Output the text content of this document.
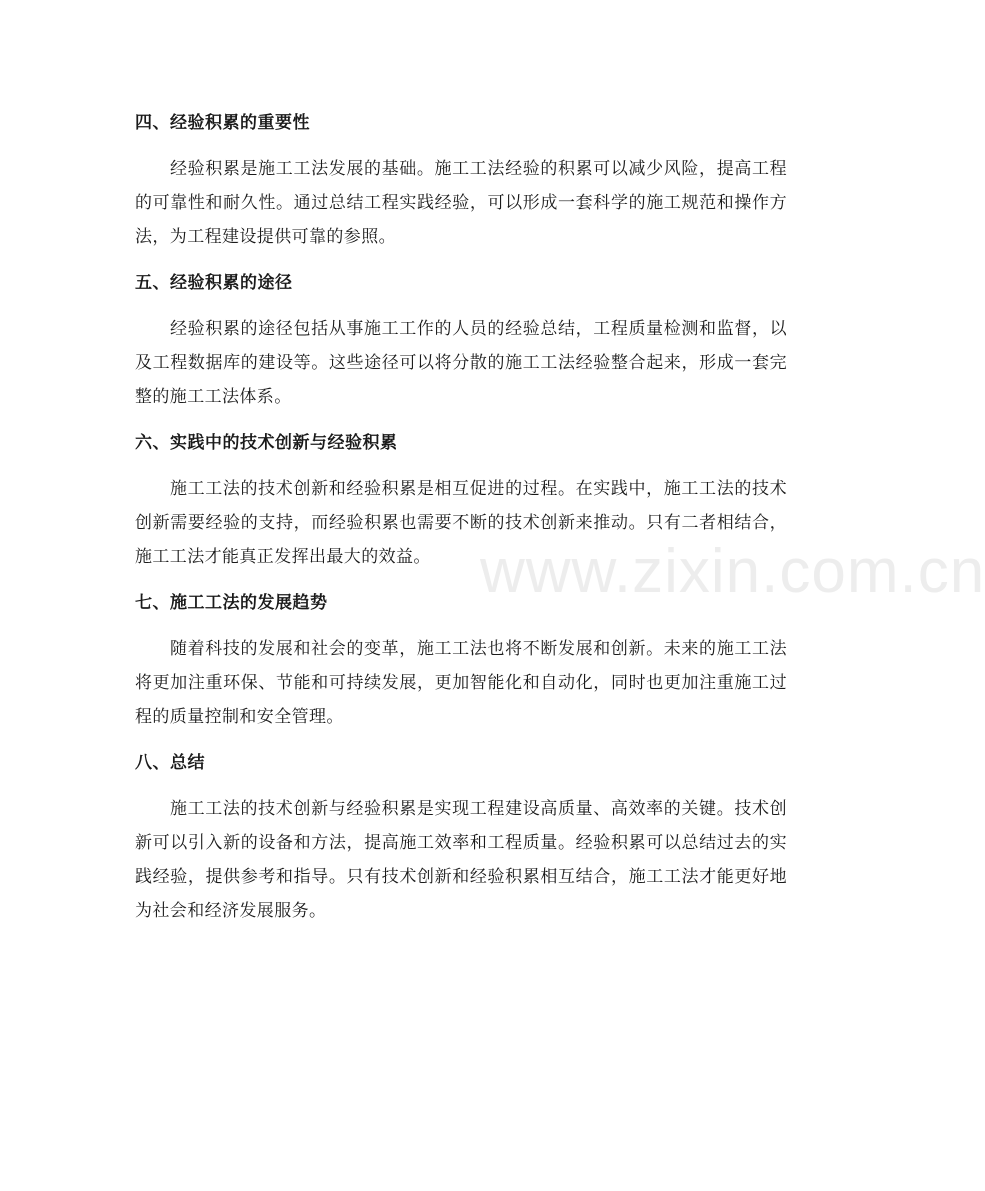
www.zixin.com.cn
四、经验积累的重要性

经验积累是施工工法发展的基础。施工工法经验的积累可以减少风险，提高工程的可靠性和耐久性。通过总结工程实践经验，可以形成一套科学的施工规范和操作方法，为工程建设提供可靠的参照。

五、经验积累的途径

经验积累的途径包括从事施工工作的人员的经验总结，工程质量检测和监督，以及工程数据库的建设等。这些途径可以将分散的施工工法经验整合起来，形成一套完整的施工工法体系。

六、实践中的技术创新与经验积累

施工工法的技术创新和经验积累是相互促进的过程。在实践中，施工工法的技术创新需要经验的支持，而经验积累也需要不断的技术创新来推动。只有二者相结合，施工工法才能真正发挥出最大的效益。

七、施工工法的发展趋势

随着科技的发展和社会的变革，施工工法也将不断发展和创新。未来的施工工法将更加注重环保、节能和可持续发展，更加智能化和自动化，同时也更加注重施工过程的质量控制和安全管理。

八、总结

施工工法的技术创新与经验积累是实现工程建设高质量、高效率的关键。技术创新可以引入新的设备和方法，提高施工效率和工程质量。经验积累可以总结过去的实践经验，提供参考和指导。只有技术创新和经验积累相互结合，施工工法才能更好地为社会和经济发展服务。
